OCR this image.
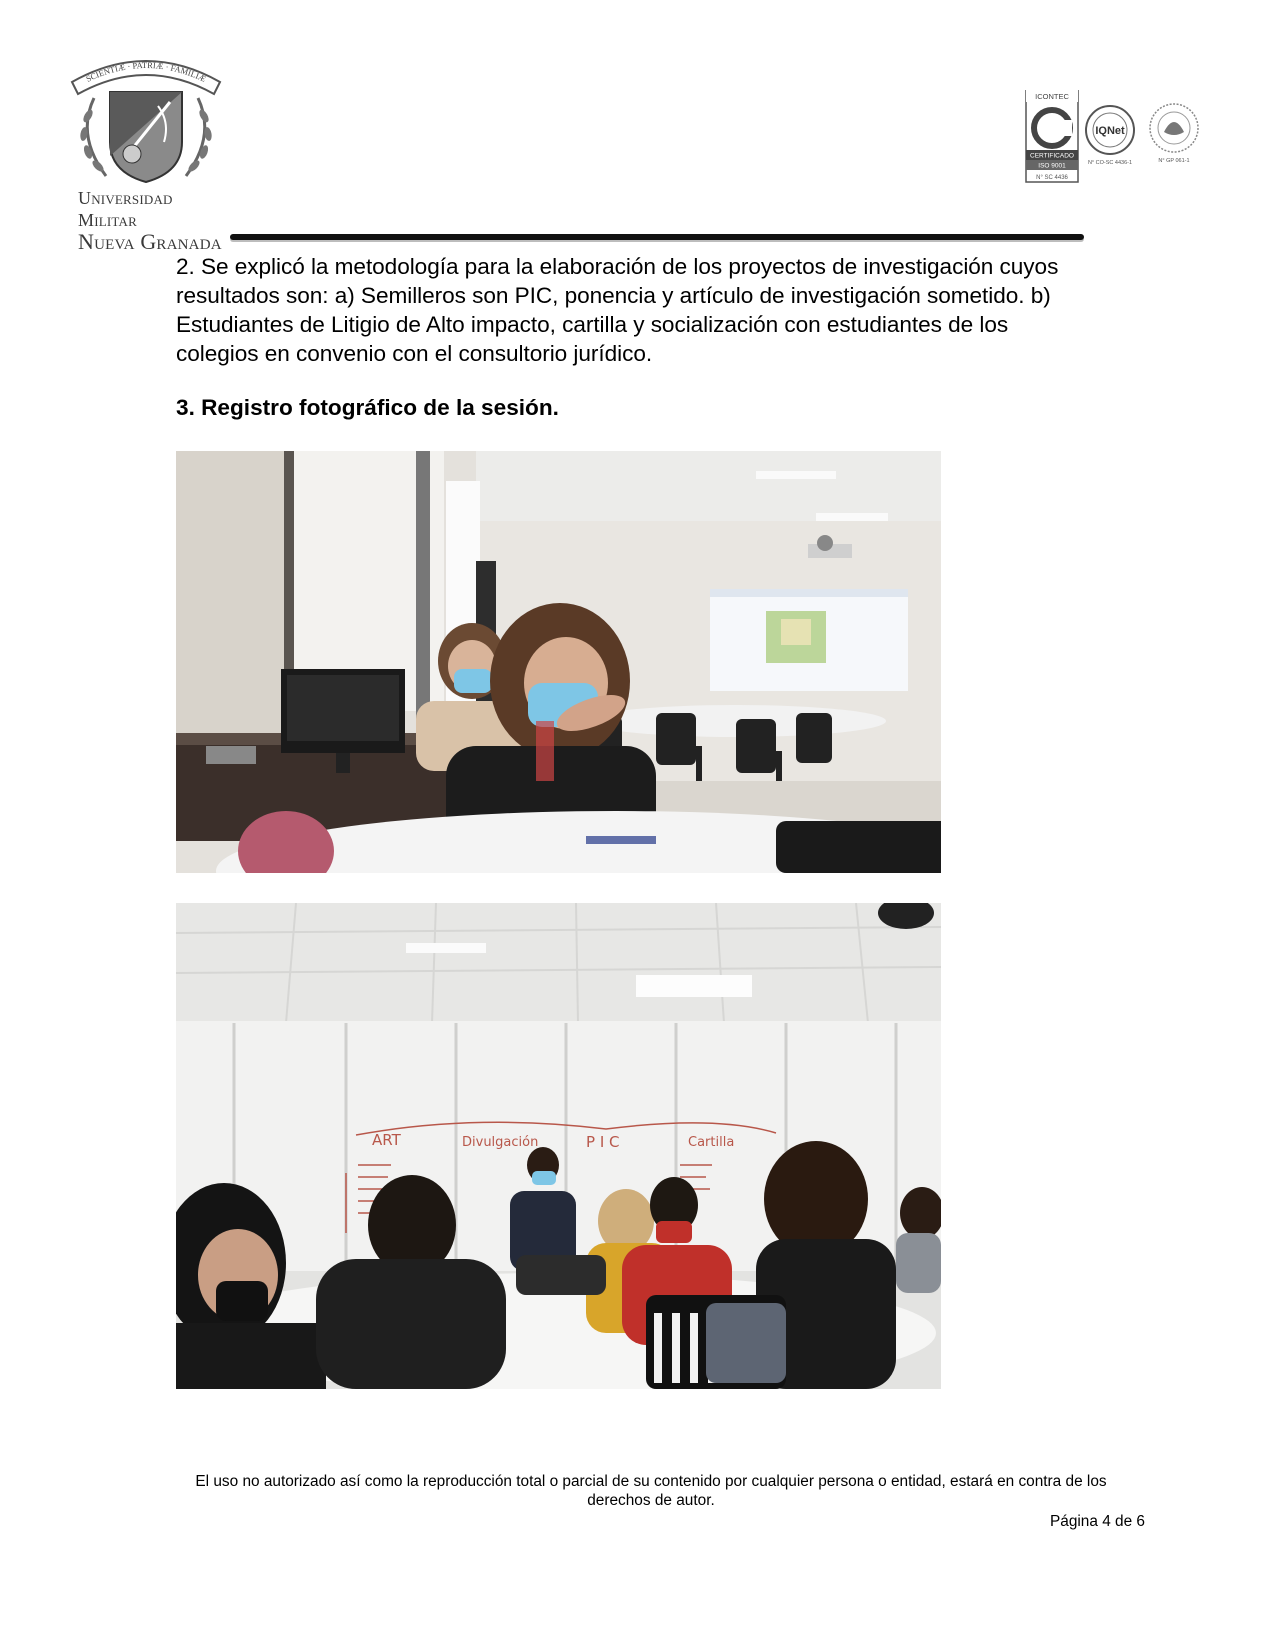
SCIENTIÆ · PATRIÆ · FAMILIÆ
Universidad Militar
Nueva Granada
ICONTEC
CERTIFICADO
ISO 9001
N° SC 4436
IQNet
N° CO-SC 4436-1	N° GP 061-1
2. Se explicó la metodología para la elaboración de los proyectos de investigación cuyos resultados son: a) Semilleros son PIC, ponencia y artículo de investigación sometido. b) Estudiantes de Litigio de Alto impacto, cartilla y socialización con estudiantes de los colegios en convenio con el consultorio jurídico.
3. Registro fotográfico de la sesión.
ART	Divulgación	P I C	Cartilla
El uso no autorizado así como la reproducción total o parcial de su contenido por cualquier persona o entidad, estará en contra de los derechos de autor.
Página 4 de 6
